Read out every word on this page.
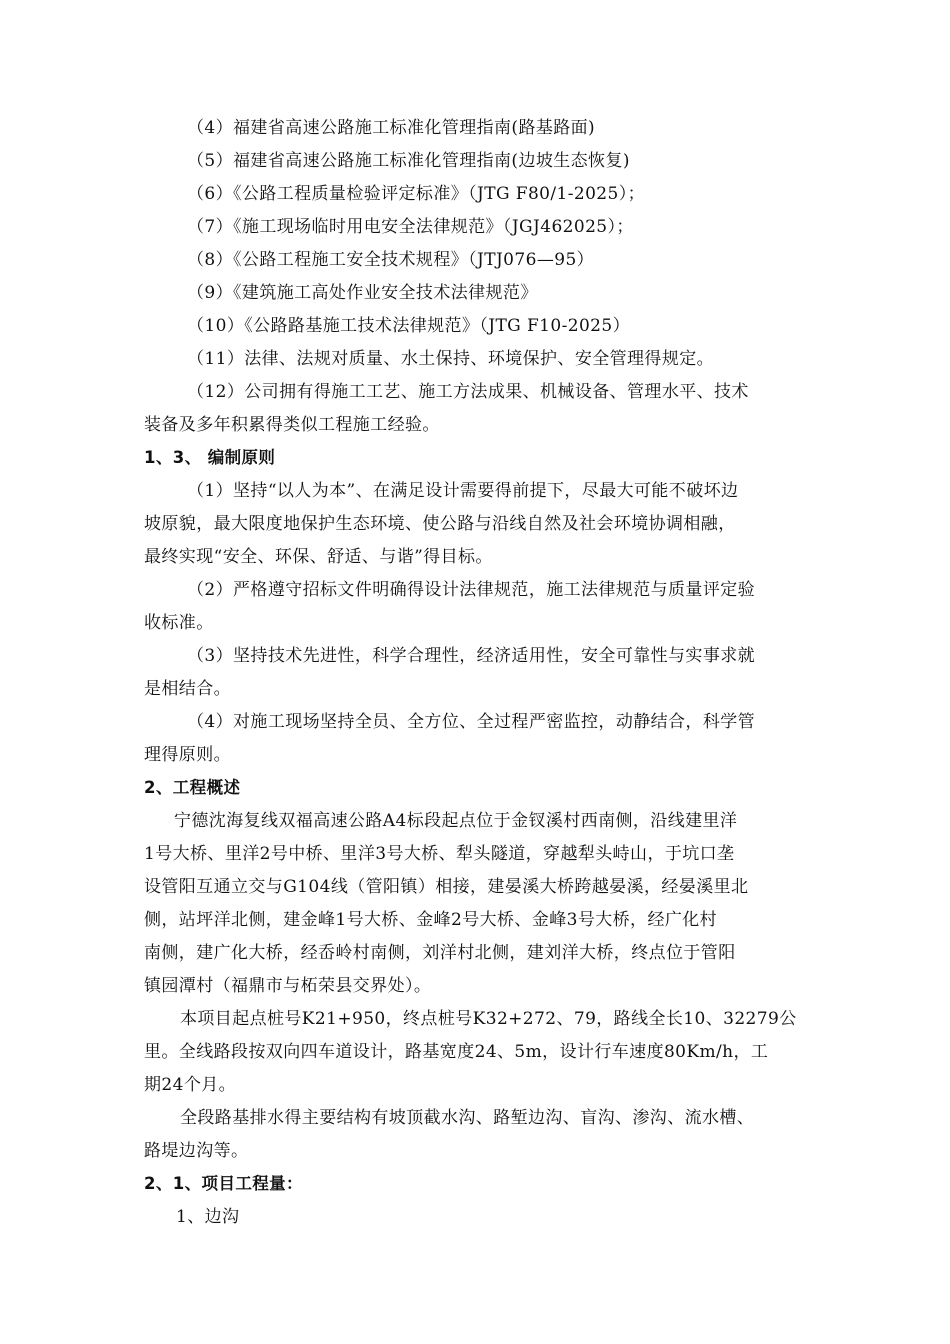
（4）福建省高速公路施工标准化管理指南(路基路面)
（5）福建省高速公路施工标准化管理指南(边坡生态恢复)
（6）《公路工程质量检验评定标准》（JTG F80/1-2025）；
（7）《施工现场临时用电安全法律规范》（JGJ462025）；
（8）《公路工程施工安全技术规程》（JTJ076—95）
（9）《建筑施工高处作业安全技术法律规范》
（10）《公路路基施工技术法律规范》（JTG F10-2025）
（11）法律、法规对质量、水土保持、环境保护、安全管理得规定。
（12）公司拥有得施工工艺、施工方法成果、机械设备、管理水平、技术
装备及多年积累得类似工程施工经验。
1、3、 编制原则
（1）坚持“以人为本”、在满足设计需要得前提下，尽最大可能不破坏边
坡原貌，最大限度地保护生态环境、使公路与沿线自然及社会环境协调相融，
最终实现“安全、环保、舒适、与谐”得目标。
（2）严格遵守招标文件明确得设计法律规范，施工法律规范与质量评定验
收标准。
（3）坚持技术先进性，科学合理性，经济适用性，安全可靠性与实事求就
是相结合。
（4）对施工现场坚持全员、全方位、全过程严密监控，动静结合，科学管
理得原则。
2、工程概述
宁德沈海复线双福高速公路A4标段起点位于金钗溪村西南侧，沿线建里洋
1号大桥、里洋2号中桥、里洋3号大桥、犁头隧道，穿越犁头峙山，于坑口垄
设管阳互通立交与G104线（管阳镇）相接，建晏溪大桥跨越晏溪，经晏溪里北
侧，站坪洋北侧，建金峰1号大桥、金峰2号大桥、金峰3号大桥，经广化村
南侧，建广化大桥，经岙岭村南侧，刘洋村北侧，建刘洋大桥，终点位于管阳
镇园潭村（福鼎市与柘荣县交界处）。
本项目起点桩号K21+950，终点桩号K32+272、79，路线全长10、32279公
里。全线路段按双向四车道设计，路基宽度24、5m，设计行车速度80Km/h，工
期24个月。
全段路基排水得主要结构有坡顶截水沟、路堑边沟、盲沟、渗沟、流水槽、
路堤边沟等。
2、1、项目工程量：
1、边沟
